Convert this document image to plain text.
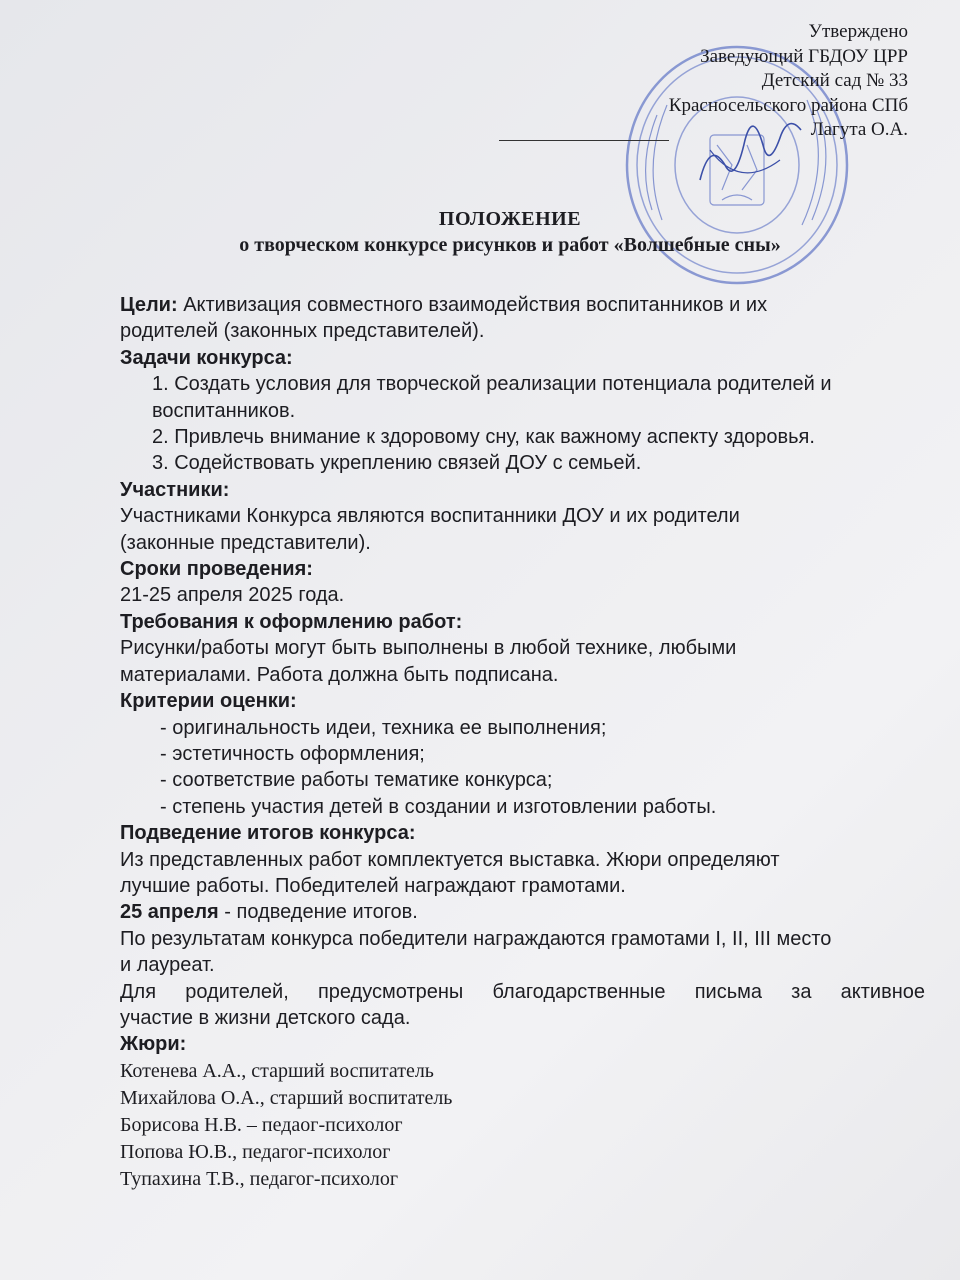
Утверждено
Заведующий ГБДОУ ЦРР
Детский сад № 33
Красносельского района СПб
Лагута О.А.
ПОЛОЖЕНИЕ
о творческом конкурсе рисунков и работ «Волшебные сны»

Цели: Активизация совместного взаимодействия воспитанников и их
родителей (законных представителей).

Задачи конкурса:

1. Создать условия для творческой реализации потенциала родителей и
воспитанников.
2. Привлечь внимание к здоровому сну, как важному аспекту здоровья.
3. Содейcтвовать укреплению связей ДОУ с семьей.

Участники:

Участниками Конкурса являются воспитанники ДОУ и их родители
(законные представители).

Сроки проведения:

21-25 апреля 2025 года.

Требования к оформлению работ:

Рисунки/работы могут быть выполнены в любой технике, любыми
материалами. Работа должна быть подписана.

Критерии оценки:

- оригинальность идеи, техника ее выполнения;
- эстетичность оформления;
- соответствие работы тематике конкурса;
- степень участия детей в создании и изготовлении работы.

Подведение итогов конкурса:

Из представленных работ комплектуется выставка. Жюри определяют
лучшие работы. Победителей награждают грамотами.

25 апреля - подведение итогов.

По результатам конкурса победители награждаются грамотами I, II, III место
и лауреат.

Для родителей, предусмотрены благодарственные письма за активное

участие в жизни детского сада.

Жюри:

Котенева А.А., старший воспитатель

Михайлова О.А., старший воспитатель

Борисова Н.В. – педаог-психолог

Попова Ю.В., педагог-психолог

Тупахина Т.В., педагог-психолог
